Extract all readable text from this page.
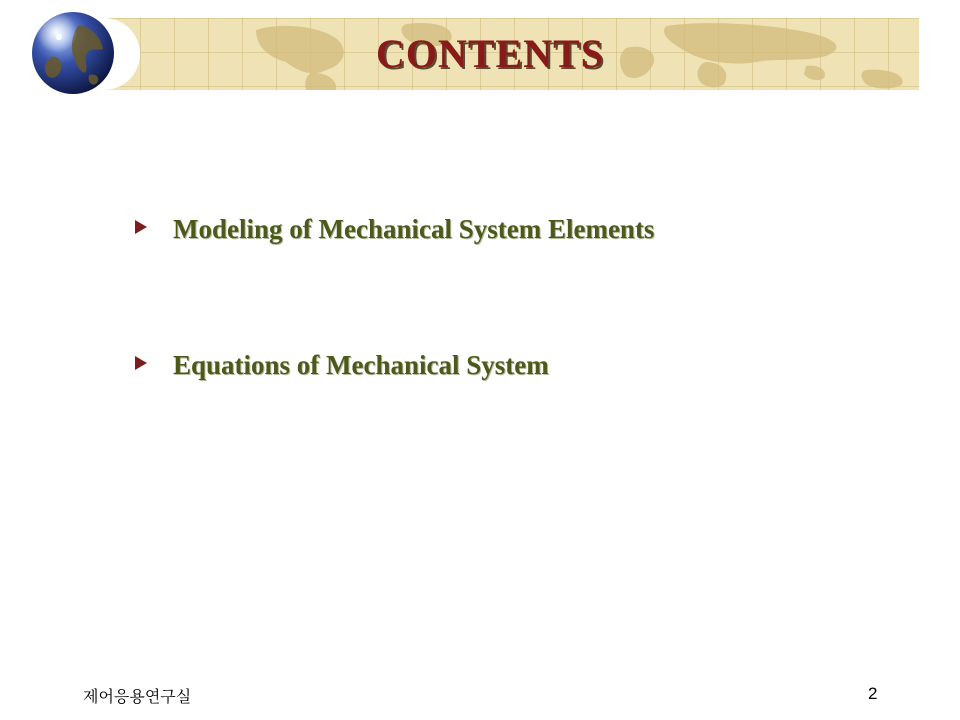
CONTENTS
Modeling of Mechanical System Elements
Equations of Mechanical System
제어응용연구실	2
